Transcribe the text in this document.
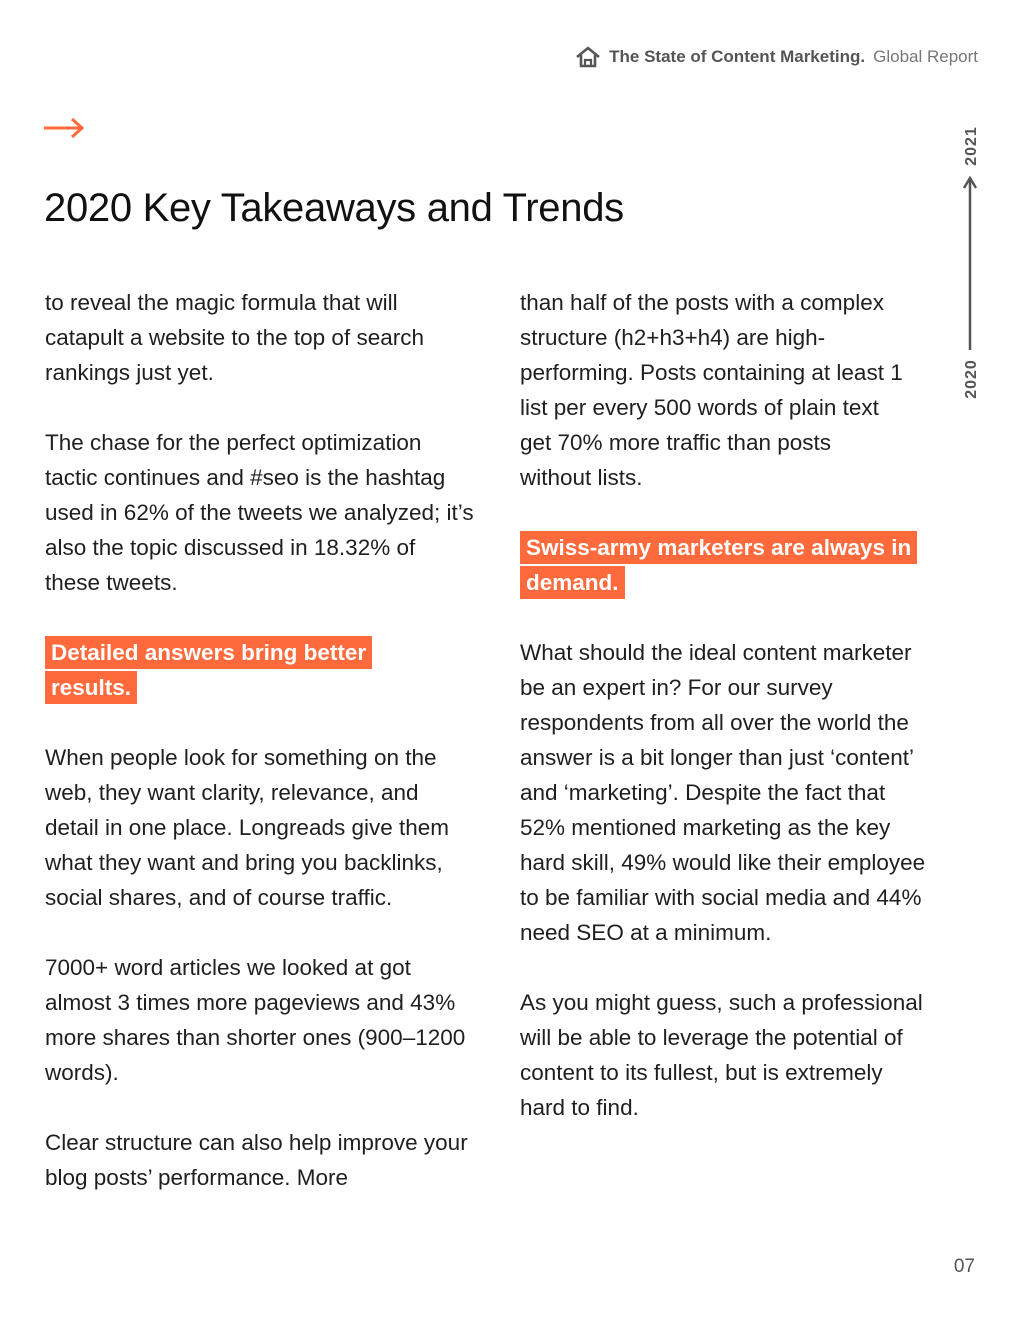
The State of Content Marketing. Global Report
2020 Key Takeaways and Trends
2021
2020

to reveal the magic formula that will catapult a website to the top of search rankings just yet.

The chase for the perfect optimization tactic continues and #seo is the hashtag used in 62% of the tweets we analyzed; it’s also the topic discussed in 18.32% of these tweets.

Detailed answers bring better results.

When people look for something on the web, they want clarity, relevance, and detail in one place. Longreads give them what they want and bring you backlinks, social shares, and of course traffic.

7000+ word articles we looked at got almost 3 times more pageviews and 43% more shares than shorter ones (900–1200 words).

Clear structure can also help improve your blog posts’ performance. More

than half of the posts with a complex structure (h2+h3+h4) are high-performing. Posts containing at least 1 list per every 500 words of plain text get 70% more traffic than posts without lists.

Swiss-army marketers are always in demand.

What should the ideal content marketer be an expert in? For our survey respondents from all over the world the answer is a bit longer than just ‘content’ and ‘marketing’. Despite the fact that 52% mentioned marketing as the key hard skill, 49% would like their employee to be familiar with social media and 44% need SEO at a minimum.

As you might guess, such a professional will be able to leverage the potential of content to its fullest, but is extremely hard to find.

07
